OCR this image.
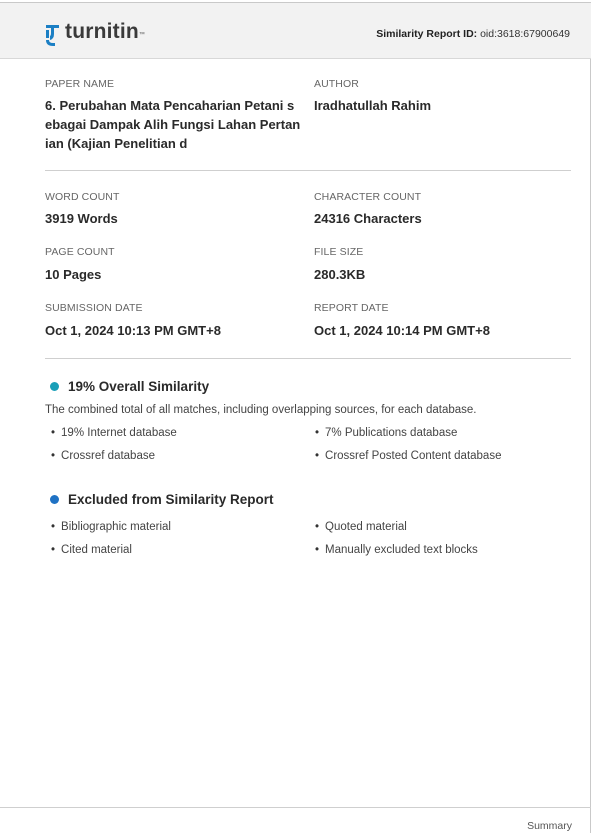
turnitin ™	Similarity Report ID: oid:3618:67900649
PAPER NAME
6. Perubahan Mata Pencaharian Petani s
ebagai Dampak Alih Fungsi Lahan Pertan
ian (Kajian Penelitian d
AUTHOR
Iradhatullah Rahim
WORD COUNT
3919 Words
CHARACTER COUNT
24316 Characters
PAGE COUNT
10 Pages
FILE SIZE
280.3KB
SUBMISSION DATE
Oct 1, 2024 10:13 PM GMT+8
REPORT DATE
Oct 1, 2024 10:14 PM GMT+8
19% Overall Similarity
The combined total of all matches, including overlapping sources, for each database.
• 19% Internet database
• Crossref database
• 7% Publications database
• Crossref Posted Content database
Excluded from Similarity Report
• Bibliographic material
• Cited material
• Quoted material
• Manually excluded text blocks
Summary
